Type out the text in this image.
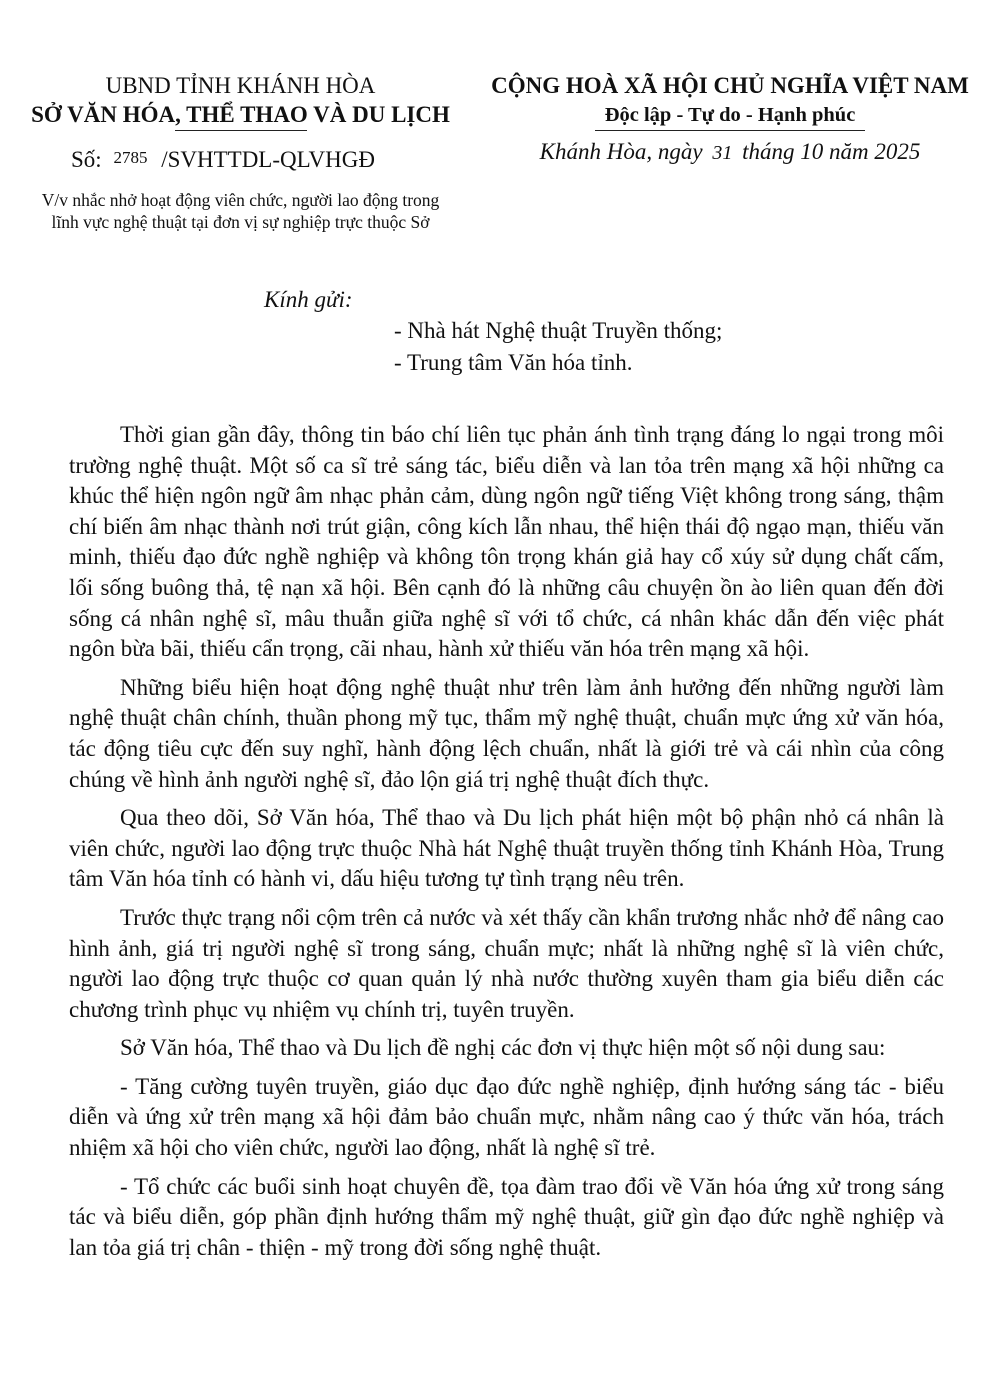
UBND TỈNH KHÁNH HÒA
SỞ VĂN HÓA, THỂ THAO VÀ DU LỊCH
Số: 2785 /SVHTTDL-QLVHGĐ
V/v nhắc nhở hoạt động viên chức, người lao động trong
lĩnh vực nghệ thuật tại đơn vị sự nghiệp trực thuộc Sở
CỘNG HOÀ XÃ HỘI CHỦ NGHĨA VIỆT NAM
Độc lập - Tự do - Hạnh phúc
Khánh Hòa, ngày 31 tháng 10 năm 2025
Kính gửi:
- Nhà hát Nghệ thuật Truyền thống;
- Trung tâm Văn hóa tỉnh.

Thời gian gần đây, thông tin báo chí liên tục phản ánh tình trạng đáng lo ngại trong môi trường nghệ thuật. Một số ca sĩ trẻ sáng tác, biểu diễn và lan tỏa trên mạng xã hội những ca khúc thể hiện ngôn ngữ âm nhạc phản cảm, dùng ngôn ngữ tiếng Việt không trong sáng, thậm chí biến âm nhạc thành nơi trút giận, công kích lẫn nhau, thể hiện thái độ ngạo mạn, thiếu văn minh, thiếu đạo đức nghề nghiệp và không tôn trọng khán giả hay cổ xúy sử dụng chất cấm, lối sống buông thả, tệ nạn xã hội. Bên cạnh đó là những câu chuyện ồn ào liên quan đến đời sống cá nhân nghệ sĩ, mâu thuẫn giữa nghệ sĩ với tổ chức, cá nhân khác dẫn đến việc phát ngôn bừa bãi, thiếu cẩn trọng, cãi nhau, hành xử thiếu văn hóa trên mạng xã hội.

Những biểu hiện hoạt động nghệ thuật như trên làm ảnh hưởng đến những người làm nghệ thuật chân chính, thuần phong mỹ tục, thẩm mỹ nghệ thuật, chuẩn mực ứng xử văn hóa, tác động tiêu cực đến suy nghĩ, hành động lệch chuẩn, nhất là giới trẻ và cái nhìn của công chúng về hình ảnh người nghệ sĩ, đảo lộn giá trị nghệ thuật đích thực.

Qua theo dõi, Sở Văn hóa, Thể thao và Du lịch phát hiện một bộ phận nhỏ cá nhân là viên chức, người lao động trực thuộc Nhà hát Nghệ thuật truyền thống tỉnh Khánh Hòa, Trung tâm Văn hóa tỉnh có hành vi, dấu hiệu tương tự tình trạng nêu trên.

Trước thực trạng nổi cộm trên cả nước và xét thấy cần khẩn trương nhắc nhở để nâng cao hình ảnh, giá trị người nghệ sĩ trong sáng, chuẩn mực; nhất là những nghệ sĩ là viên chức, người lao động trực thuộc cơ quan quản lý nhà nước thường xuyên tham gia biểu diễn các chương trình phục vụ nhiệm vụ chính trị, tuyên truyền.

Sở Văn hóa, Thể thao và Du lịch đề nghị các đơn vị thực hiện một số nội dung sau:

- Tăng cường tuyên truyền, giáo dục đạo đức nghề nghiệp, định hướng sáng tác - biểu diễn và ứng xử trên mạng xã hội đảm bảo chuẩn mực, nhằm nâng cao ý thức văn hóa, trách nhiệm xã hội cho viên chức, người lao động, nhất là nghệ sĩ trẻ.

- Tổ chức các buổi sinh hoạt chuyên đề, tọa đàm trao đổi về Văn hóa ứng xử trong sáng tác và biểu diễn, góp phần định hướng thẩm mỹ nghệ thuật, giữ gìn đạo đức nghề nghiệp và lan tỏa giá trị chân - thiện - mỹ trong đời sống nghệ thuật.
